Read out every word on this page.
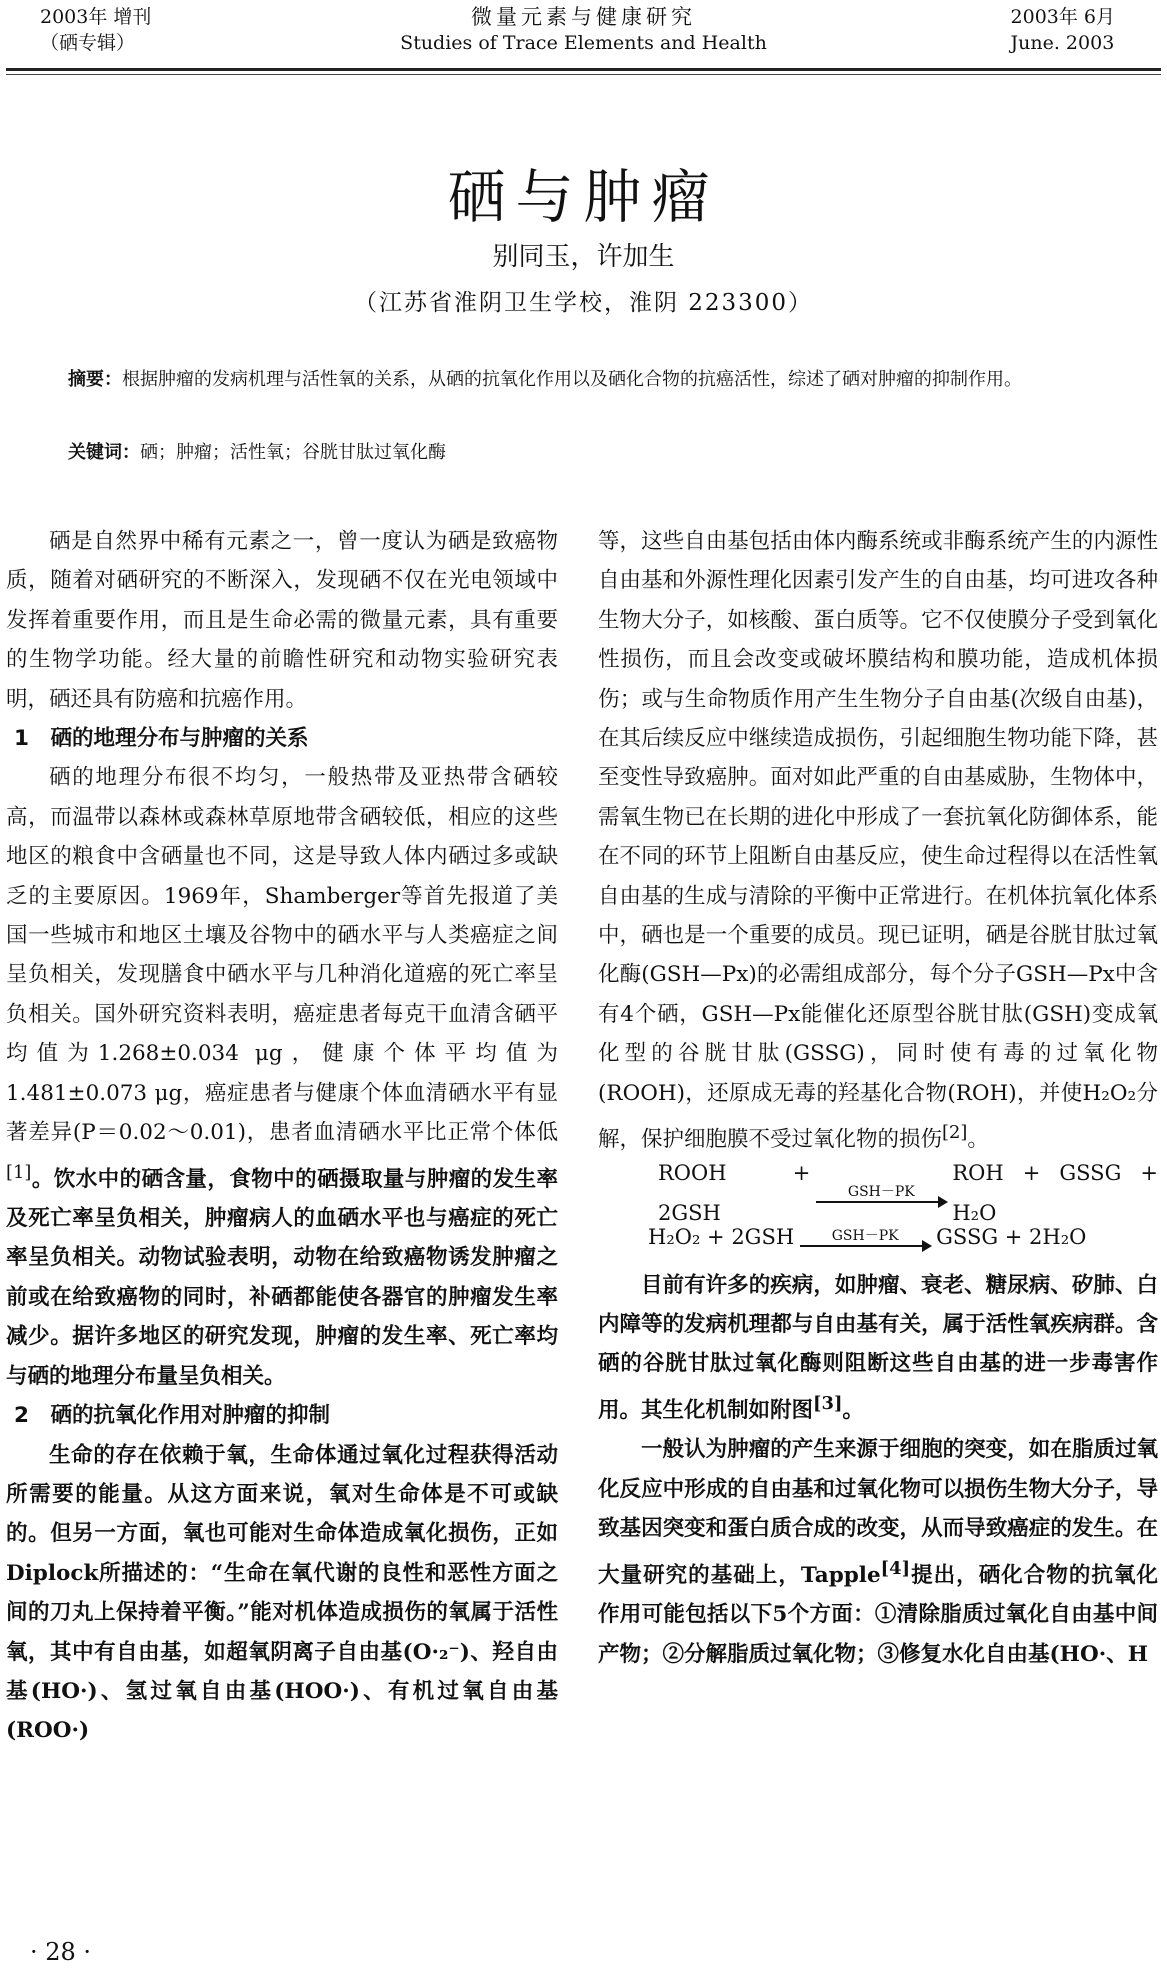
2003年 增刊
（硒专辑）
微量元素与健康研究
Studies of Trace Elements and Health
2003年 6月
June. 2003
硒与肿瘤
别同玉，许加生
（江苏省淮阴卫生学校，淮阴 223300）
摘要：根据肿瘤的发病机理与活性氧的关系，从硒的抗氧化作用以及硒化合物的抗癌活性，综述了硒对肿瘤的抑制作用。
关键词：硒；肿瘤；活性氧；谷胱甘肽过氧化酶

硒是自然界中稀有元素之一，曾一度认为硒是致癌物质，随着对硒研究的不断深入，发现硒不仅在光电领域中发挥着重要作用，而且是生命必需的微量元素，具有重要的生物学功能。经大量的前瞻性研究和动物实验研究表明，硒还具有防癌和抗癌作用。

1　硒的地理分布与肿瘤的关系

硒的地理分布很不均匀，一般热带及亚热带含硒较高，而温带以森林或森林草原地带含硒较低，相应的这些地区的粮食中含硒量也不同，这是导致人体内硒过多或缺乏的主要原因。1969年，Shamberger等首先报道了美国一些城市和地区土壤及谷物中的硒水平与人类癌症之间呈负相关，发现膳食中硒水平与几种消化道癌的死亡率呈负相关。国外研究资料表明，癌症患者每克干血清含硒平均值为1.268±0.034 μg，健康个体平均值为1.481±0.073 μg，癌症患者与健康个体血清硒水平有显著差异(P＝0.02～0.01)，患者血清硒水平比正常个体低[1]。饮水中的硒含量，食物中的硒摄取量与肿瘤的发生率及死亡率呈负相关，肿瘤病人的血硒水平也与癌症的死亡率呈负相关。动物试验表明，动物在给致癌物诱发肿瘤之前或在给致癌物的同时，补硒都能使各器官的肿瘤发生率减少。据许多地区的研究发现，肿瘤的发生率、死亡率均与硒的地理分布量呈负相关。

2　硒的抗氧化作用对肿瘤的抑制

生命的存在依赖于氧，生命体通过氧化过程获得活动所需要的能量。从这方面来说，氧对生命体是不可或缺的。但另一方面，氧也可能对生命体造成氧化损伤，正如Diplock所描述的：“生命在氧代谢的良性和恶性方面之间的刀丸上保持着平衡。”能对机体造成损伤的氧属于活性氧，其中有自由基，如超氧阴离子自由基(O·₂⁻)、羟自由基(HO·)、氢过氧自由基(HOO·)、有机过氧自由基(ROO·)

等，这些自由基包括由体内酶系统或非酶系统产生的内源性自由基和外源性理化因素引发产生的自由基，均可进攻各种生物大分子，如核酸、蛋白质等。它不仅使膜分子受到氧化性损伤，而且会改变或破坏膜结构和膜功能，造成机体损伤；或与生命物质作用产生生物分子自由基(次级自由基)，在其后续反应中继续造成损伤，引起细胞生物功能下降，甚至变性导致癌肿。面对如此严重的自由基威胁，生物体中，需氧生物已在长期的进化中形成了一套抗氧化防御体系，能在不同的环节上阻断自由基反应，使生命过程得以在活性氧自由基的生成与清除的平衡中正常进行。在机体抗氧化体系中，硒也是一个重要的成员。现已证明，硒是谷胱甘肽过氧化酶(GSH—Px)的必需组成部分，每个分子GSH—Px中含有4个硒，GSH—Px能催化还原型谷胱甘肽(GSH)变成氧化型的谷胱甘肽(GSSG)，同时使有毒的过氧化物(ROOH)，还原成无毒的羟基化合物(ROH)，并使H₂O₂分解，保护细胞膜不受过氧化物的损伤[2]。

ROOH + 2GSH
GSH－PK
ROH + GSSG + H₂O
H₂O₂ + 2GSH	GSH－PK GSSG + 2H₂O

目前有许多的疾病，如肿瘤、衰老、糖尿病、矽肺、白内障等的发病机理都与自由基有关，属于活性氧疾病群。含硒的谷胱甘肽过氧化酶则阻断这些自由基的进一步毒害作用。其生化机制如附图[3]。

一般认为肿瘤的产生来源于细胞的突变，如在脂质过氧化反应中形成的自由基和过氧化物可以损伤生物大分子，导致基因突变和蛋白质合成的改变，从而导致癌症的发生。在大量研究的基础上，Tapple[4]提出，硒化合物的抗氧化作用可能包括以下5个方面：①清除脂质过氧化自由基中间产物；②分解脂质过氧化物；③修复水化自由基(HO·、H

· 28 ·
